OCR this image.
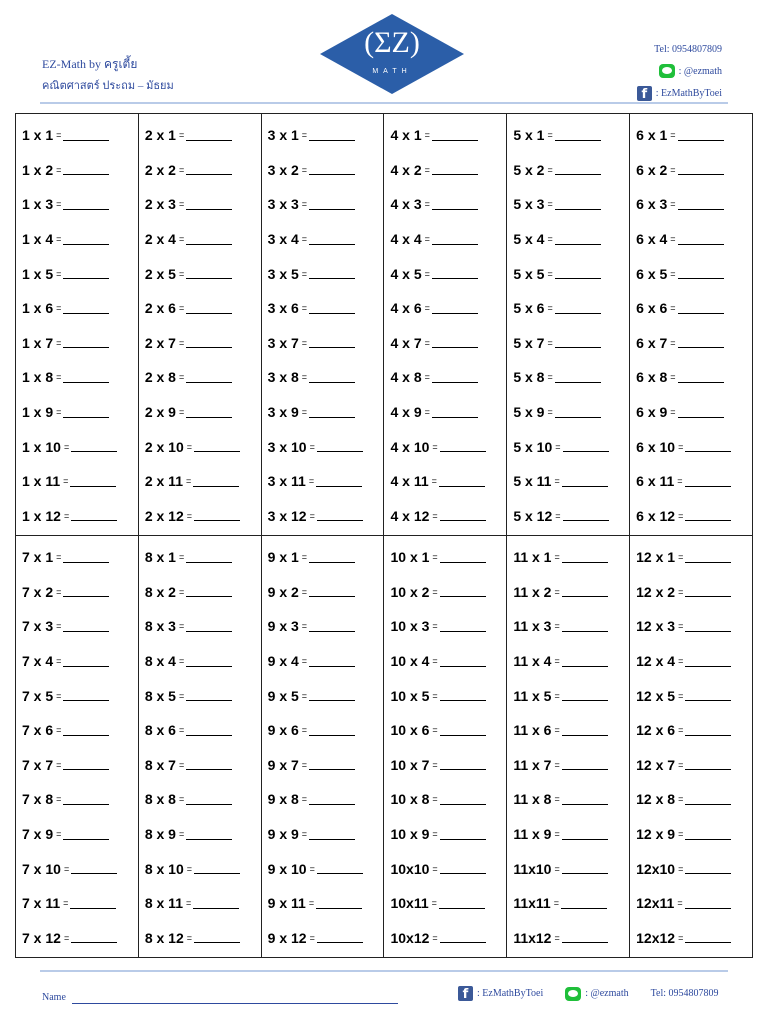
EZ-Math by ครูเตี้ย
คณิตศาสตร์ ประถม – มัธยม
(ΣZ)
MATH
Tel: 0954807809
: @ezmath
f : EzMathByToei
1 x 1 =
1 x 2 =
1 x 3 =
1 x 4 =
1 x 5 =
1 x 6 =
1 x 7 =
1 x 8 =
1 x 9 =
1 x 10 =
1 x 11 =
1 x 12 =
2 x 1 =
2 x 2 =
2 x 3 =
2 x 4 =
2 x 5 =
2 x 6 =
2 x 7 =
2 x 8 =
2 x 9 =
2 x 10 =
2 x 11 =
2 x 12 =
3 x 1 =
3 x 2 =
3 x 3 =
3 x 4 =
3 x 5 =
3 x 6 =
3 x 7 =
3 x 8 =
3 x 9 =
3 x 10 =
3 x 11 =
3 x 12 =
4 x 1 =
4 x 2 =
4 x 3 =
4 x 4 =
4 x 5 =
4 x 6 =
4 x 7 =
4 x 8 =
4 x 9 =
4 x 10 =
4 x 11 =
4 x 12 =
5 x 1 =
5 x 2 =
5 x 3 =
5 x 4 =
5 x 5 =
5 x 6 =
5 x 7 =
5 x 8 =
5 x 9 =
5 x 10 =
5 x 11 =
5 x 12 =
6 x 1 =
6 x 2 =
6 x 3 =
6 x 4 =
6 x 5 =
6 x 6 =
6 x 7 =
6 x 8 =
6 x 9 =
6 x 10 =
6 x 11 =
6 x 12 =
7 x 1 =
7 x 2 =
7 x 3 =
7 x 4 =
7 x 5 =
7 x 6 =
7 x 7 =
7 x 8 =
7 x 9 =
7 x 10 =
7 x 11 =
7 x 12 =
8 x 1 =
8 x 2 =
8 x 3 =
8 x 4 =
8 x 5 =
8 x 6 =
8 x 7 =
8 x 8 =
8 x 9 =
8 x 10 =
8 x 11 =
8 x 12 =
9 x 1 =
9 x 2 =
9 x 3 =
9 x 4 =
9 x 5 =
9 x 6 =
9 x 7 =
9 x 8 =
9 x 9 =
9 x 10 =
9 x 11 =
9 x 12 =
10 x 1 =
10 x 2 =
10 x 3 =
10 x 4 =
10 x 5 =
10 x 6 =
10 x 7 =
10 x 8 =
10 x 9 =
10x10 =
10x11 =
10x12 =
11 x 1 =
11 x 2 =
11 x 3 =
11 x 4 =
11 x 5 =
11 x 6 =
11 x 7 =
11 x 8 =
11 x 9 =
11x10 =
11x11 =
11x12 =
12 x 1 =
12 x 2 =
12 x 3 =
12 x 4 =
12 x 5 =
12 x 6 =
12 x 7 =
12 x 8 =
12 x 9 =
12x10 =
12x11 =
12x12 =
Name	f : EzMathByToei	: @ezmath Tel: 0954807809
